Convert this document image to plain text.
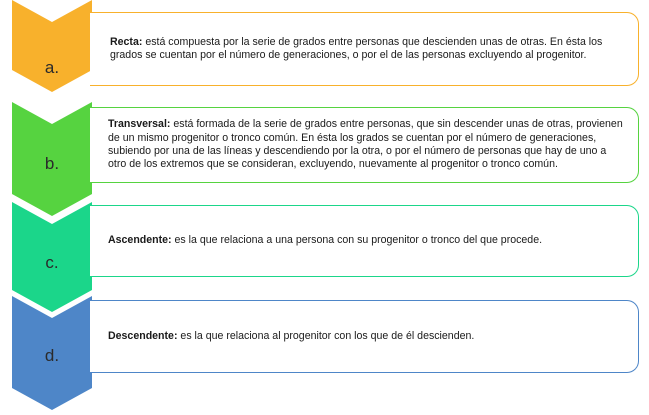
a.

Recta: está compuesta por la serie de grados entre personas que descienden unas de otras. En ésta los grados se cuentan por el número de generaciones, o por el de las personas excluyendo al progenitor.

b.

Transversal: está formada de la serie de grados entre personas, que sin descender unas de otras, provienen de un mismo progenitor o tronco común. En ésta los grados se cuentan por el número de generaciones, subiendo por una de las líneas y descendiendo por la otra, o por el número de personas que hay de uno a otro de los extremos que se consideran, excluyendo, nuevamente al progenitor o tronco común.

c.

Ascendente: es la que relaciona a una persona con su progenitor o tronco del que procede.

d.

Descendente: es la que relaciona al progenitor con los que de él descienden.
